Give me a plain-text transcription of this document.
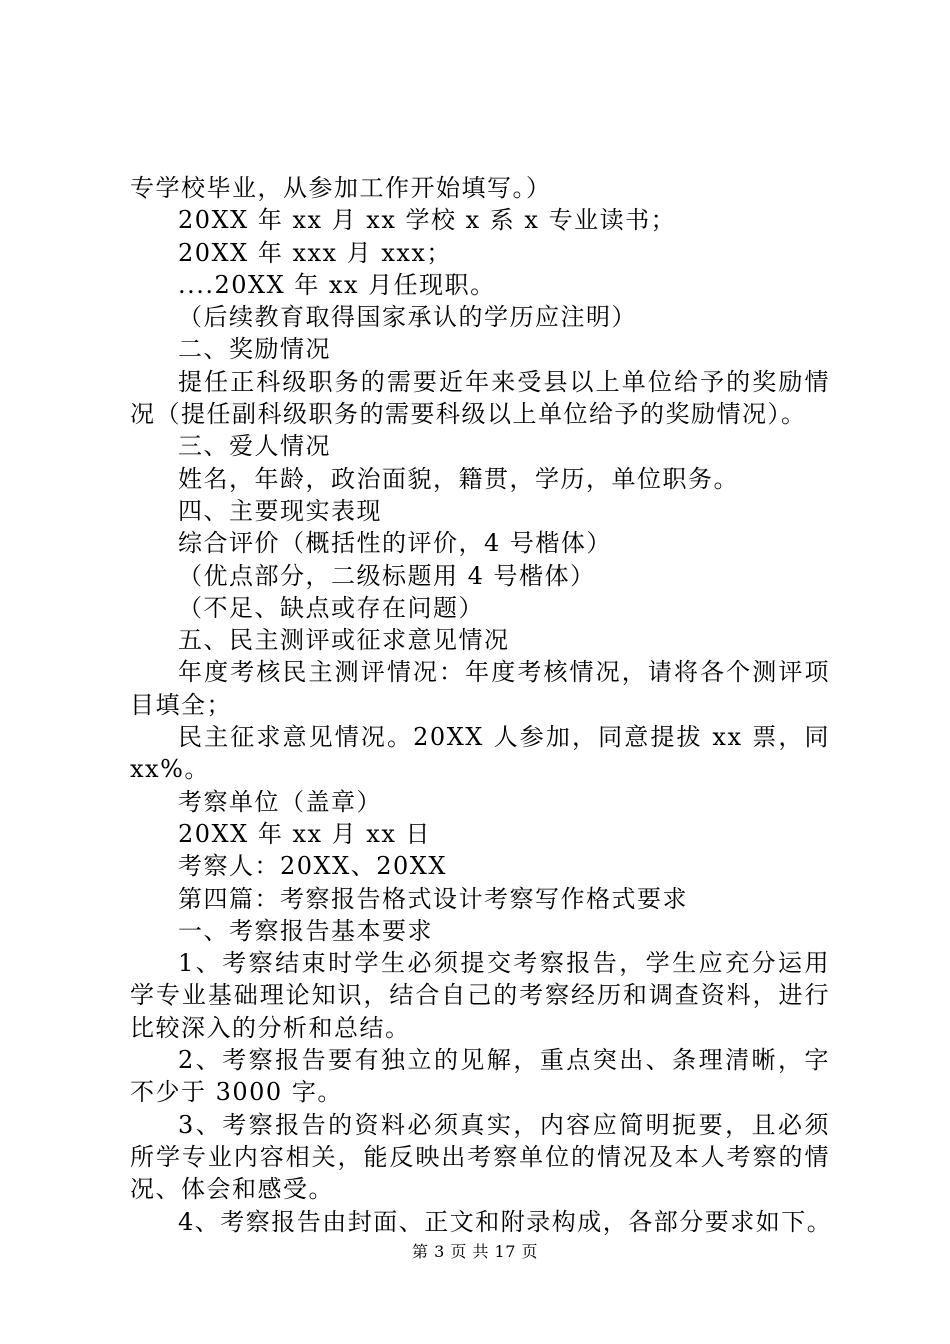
专学校毕业，从参加工作开始填写。）
20XX 年 xx 月 xx 学校 x 系 x 专业读书；
20XX 年 xxx 月 xxx；
....20XX 年 xx 月任现职。
（后续教育取得国家承认的学历应注明）
二、奖励情况
提任正科级职务的需要近年来受县以上单位给予的奖励情
况（提任副科级职务的需要科级以上单位给予的奖励情况）。
三、爱人情况
姓名，年龄，政治面貌，籍贯，学历，单位职务。
四、主要现实表现
综合评价（概括性的评价，4 号楷体）
（优点部分，二级标题用 4 号楷体）
（不足、缺点或存在问题）
五、民主测评或征求意见情况
年度考核民主测评情况：年度考核情况，请将各个测评项
目填全；
民主征求意见情况。20XX 人参加，同意提拔 xx 票，同
xx%。
考察单位（盖章）
20XX 年 xx 月 xx 日
考察人：20XX、20XX
第四篇：考察报告格式设计考察写作格式要求
一、考察报告基本要求
1、考察结束时学生必须提交考察报告，学生应充分运用
学专业基础理论知识，结合自己的考察经历和调查资料，进行
比较深入的分析和总结。
2、考察报告要有独立的见解，重点突出、条理清晰，字
不少于 3000 字。
3、考察报告的资料必须真实，内容应简明扼要，且必须
所学专业内容相关，能反映出考察单位的情况及本人考察的情
况、体会和感受。
4、考察报告由封面、正文和附录构成，各部分要求如下。
第 3 页 共 17 页
